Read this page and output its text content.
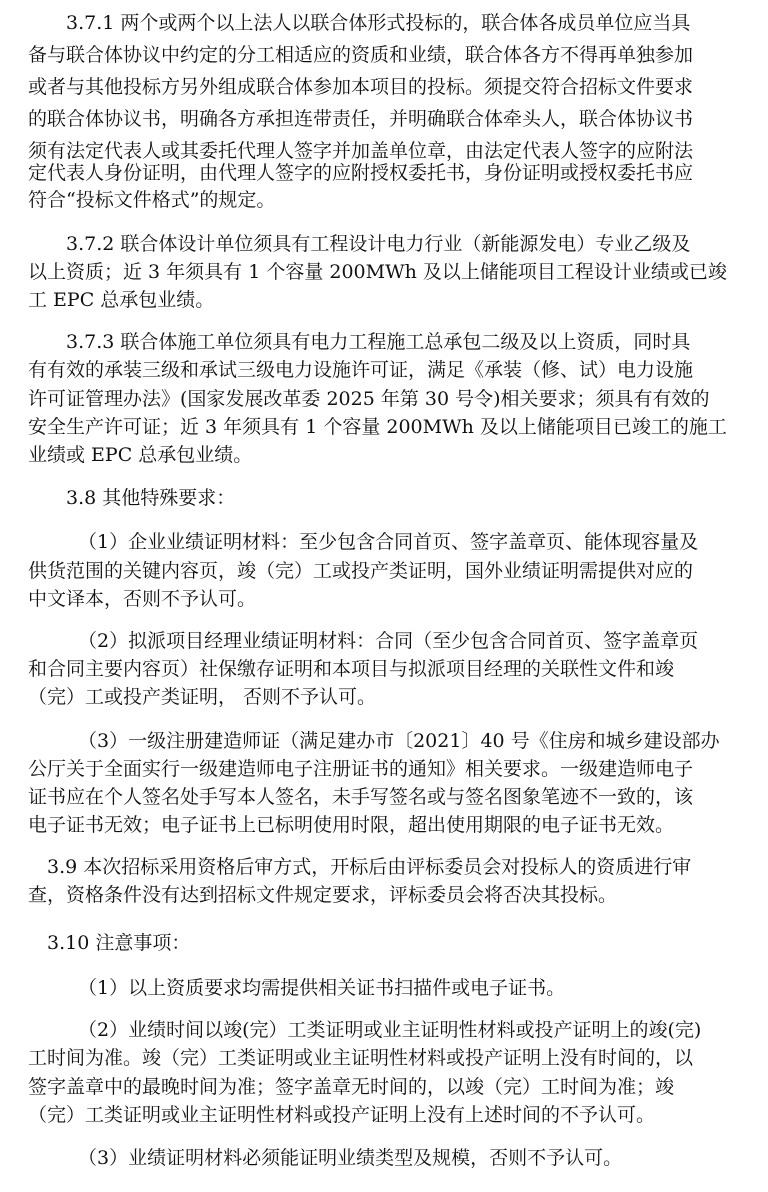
3.7.1 两个或两个以上法人以联合体形式投标的，联合体各成员单位应当具
备与联合体协议中约定的分工相适应的资质和业绩，联合体各方不得再单独参加
或者与其他投标方另外组成联合体参加本项目的投标。须提交符合招标文件要求
的联合体协议书，明确各方承担连带责任，并明确联合体牵头人，联合体协议书
须有法定代表人或其委托代理人签字并加盖单位章，由法定代表人签字的应附法
定代表人身份证明，由代理人签字的应附授权委托书，身份证明或授权委托书应
符合“投标文件格式”的规定。
3.7.2 联合体设计单位须具有工程设计电力行业（新能源发电）专业乙级及
以上资质；近 3 年须具有 1 个容量 200MWh 及以上储能项目工程设计业绩或已竣
工 EPC 总承包业绩。
3.7.3 联合体施工单位须具有电力工程施工总承包二级及以上资质，同时具
有有效的承装三级和承试三级电力设施许可证，满足《承装（修、试）电力设施
许可证管理办法》(国家发展改革委 2025 年第 30 号令)相关要求；须具有有效的
安全生产许可证；近 3 年须具有 1 个容量 200MWh 及以上储能项目已竣工的施工
业绩或 EPC 总承包业绩。
3.8 其他特殊要求：
（1）企业业绩证明材料：至少包含合同首页、签字盖章页、能体现容量及
供货范围的关键内容页，竣（完）工或投产类证明，国外业绩证明需提供对应的
中文译本，否则不予认可。
（2）拟派项目经理业绩证明材料：合同（至少包含合同首页、签字盖章页
和合同主要内容页）社保缴存证明和本项目与拟派项目经理的关联性文件和竣
（完）工或投产类证明， 否则不予认可。
（3）一级注册建造师证（满足建办市〔2021〕40 号《住房和城乡建设部办
公厅关于全面实行一级建造师电子注册证书的通知》相关要求。一级建造师电子
证书应在个人签名处手写本人签名，未手写签名或与签名图象笔迹不一致的，该
电子证书无效；电子证书上已标明使用时限，超出使用期限的电子证书无效。
3.9 本次招标采用资格后审方式，开标后由评标委员会对投标人的资质进行审
查，资格条件没有达到招标文件规定要求，评标委员会将否决其投标。
3.10 注意事项：
（1）以上资质要求均需提供相关证书扫描件或电子证书。
（2）业绩时间以竣(完）工类证明或业主证明性材料或投产证明上的竣(完)
工时间为准。竣（完）工类证明或业主证明性材料或投产证明上没有时间的，以
签字盖章中的最晚时间为准；签字盖章无时间的，以竣（完）工时间为准；竣
（完）工类证明或业主证明性材料或投产证明上没有上述时间的不予认可。
（3）业绩证明材料必须能证明业绩类型及规模，否则不予认可。
